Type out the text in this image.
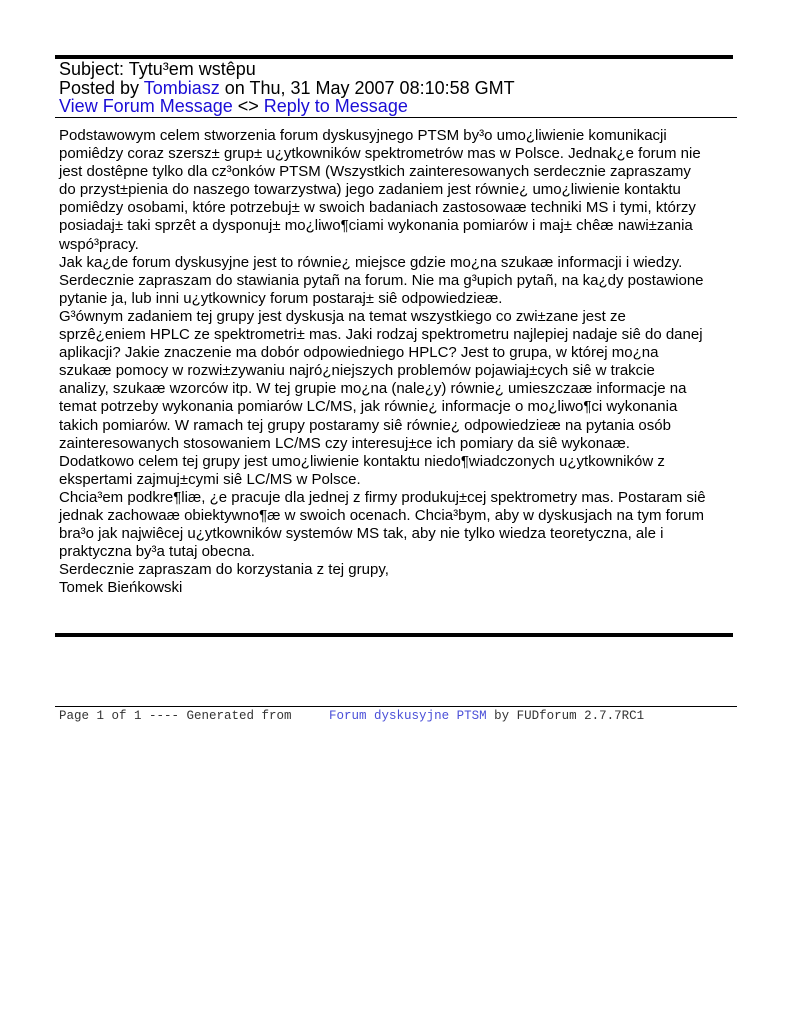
Subject: Tytu³em wstêpu
Posted by Tombiasz on Thu, 31 May 2007 08:10:58 GMT
View Forum Message <> Reply to Message
Podstawowym celem stworzenia forum dyskusyjnego PTSM by³o umo¿liwienie komunikacji
pomiêdzy coraz szersz± grup± u¿ytkowników spektrometrów mas w Polsce. Jednak¿e forum nie
jest dostêpne tylko dla cz³onków PTSM (Wszystkich zainteresowanych serdecznie zapraszamy
do przyst±pienia do naszego towarzystwa) jego zadaniem jest równie¿ umo¿liwienie kontaktu
pomiêdzy osobami, które potrzebuj± w swoich badaniach zastosowaæ techniki MS i tymi, którzy
posiadaj± taki sprzêt a dysponuj± mo¿liwo¶ciami wykonania pomiarów i maj± chêæ nawi±zania
wspó³pracy.
Jak ka¿de forum dyskusyjne jest to równie¿ miejsce gdzie mo¿na szukaæ informacji i wiedzy.
Serdecznie zapraszam do stawiania pytañ na forum. Nie ma g³upich pytañ, na ka¿dy postawione
pytanie ja, lub inni u¿ytkownicy forum postaraj± siê odpowiedzieæ.
G³ównym zadaniem tej grupy jest dyskusja na temat wszystkiego co zwi±zane jest ze
sprzê¿eniem HPLC ze spektrometri± mas. Jaki rodzaj spektrometru najlepiej nadaje siê do danej
aplikacji? Jakie znaczenie ma dobór odpowiedniego HPLC? Jest to grupa, w której mo¿na
szukaæ pomocy w rozwi±zywaniu najró¿niejszych problemów pojawiaj±cych siê w trakcie
analizy, szukaæ wzorców itp. W tej grupie mo¿na (nale¿y) równie¿ umieszczaæ informacje na
temat potrzeby wykonania pomiarów LC/MS, jak równie¿ informacje o mo¿liwo¶ci wykonania
takich pomiarów. W ramach tej grupy postaramy siê równie¿ odpowiedzieæ na pytania osób
zainteresowanych stosowaniem LC/MS czy interesuj±ce ich pomiary da siê wykonaæ.
Dodatkowo celem tej grupy jest umo¿liwienie kontaktu niedo¶wiadczonych u¿ytkowników z
ekspertami zajmuj±cymi siê LC/MS w Polsce.
Chcia³em podkre¶liæ, ¿e pracuje dla jednej z firmy produkuj±cej spektrometry mas. Postaram siê
jednak zachowaæ obiektywno¶æ w swoich ocenach. Chcia³bym, aby w dyskusjach na tym forum
bra³o jak najwiêcej u¿ytkowników systemów MS tak, aby nie tylko wiedza teoretyczna, ale i
praktyczna by³a tutaj obecna.
Serdecznie zapraszam do korzystania z tej grupy,
Tomek Bieńkowski
Page 1 of 1 ---- Generated from     Forum dyskusyjne PTSM by FUDforum 2.7.7RC1
